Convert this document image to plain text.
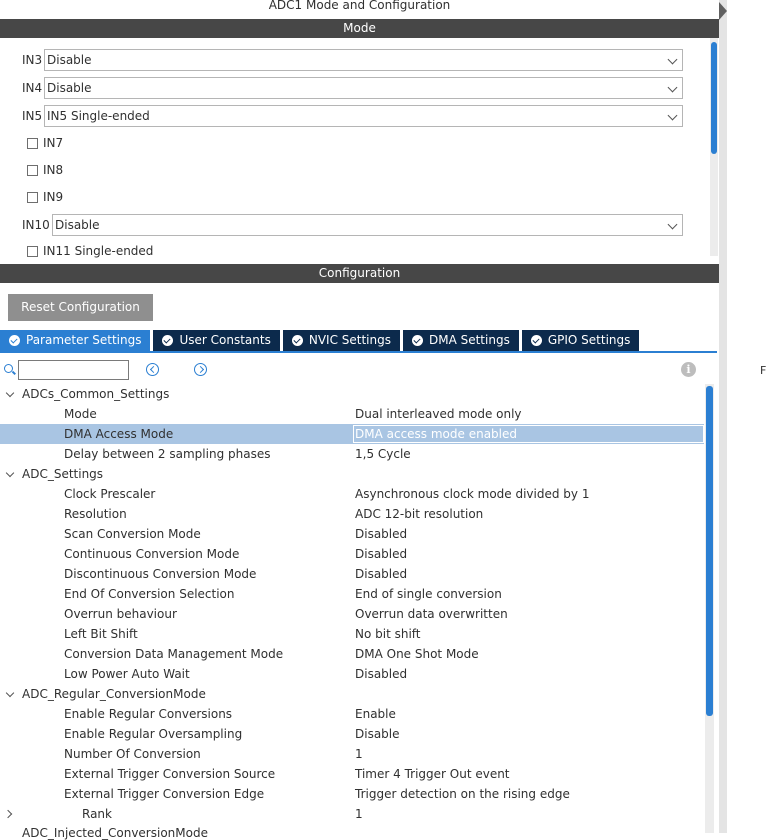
F
ADC1 Mode and Configuration
Mode
IN3 Disable
IN4 Disable
IN5 IN5 Single-ended
IN7
IN8
IN9
IN10 Disable
IN11 Single-ended
Configuration
Reset Configuration
Parameter Settings	User Constants	NVIC Settings	DMA Settings	GPIO Settings
i
ADCs_Common_Settings
Mode	Dual interleaved mode only
DMA Access Mode	DMA access mode enabled
Delay between 2 sampling phases	1,5 Cycle
ADC_Settings
Clock Prescaler	Asynchronous clock mode divided by 1
Resolution	ADC 12-bit resolution
Scan Conversion Mode	Disabled
Continuous Conversion Mode	Disabled
Discontinuous Conversion Mode	Disabled
End Of Conversion Selection	End of single conversion
Overrun behaviour	Overrun data overwritten
Left Bit Shift	No bit shift
Conversion Data Management Mode	DMA One Shot Mode
Low Power Auto Wait	Disabled
ADC_Regular_ConversionMode
Enable Regular Conversions	Enable
Enable Regular Oversampling	Disable
Number Of Conversion	1
External Trigger Conversion Source	Timer 4 Trigger Out event
External Trigger Conversion Edge	Trigger detection on the rising edge
Rank	1
ADC_Injected_ConversionMode
